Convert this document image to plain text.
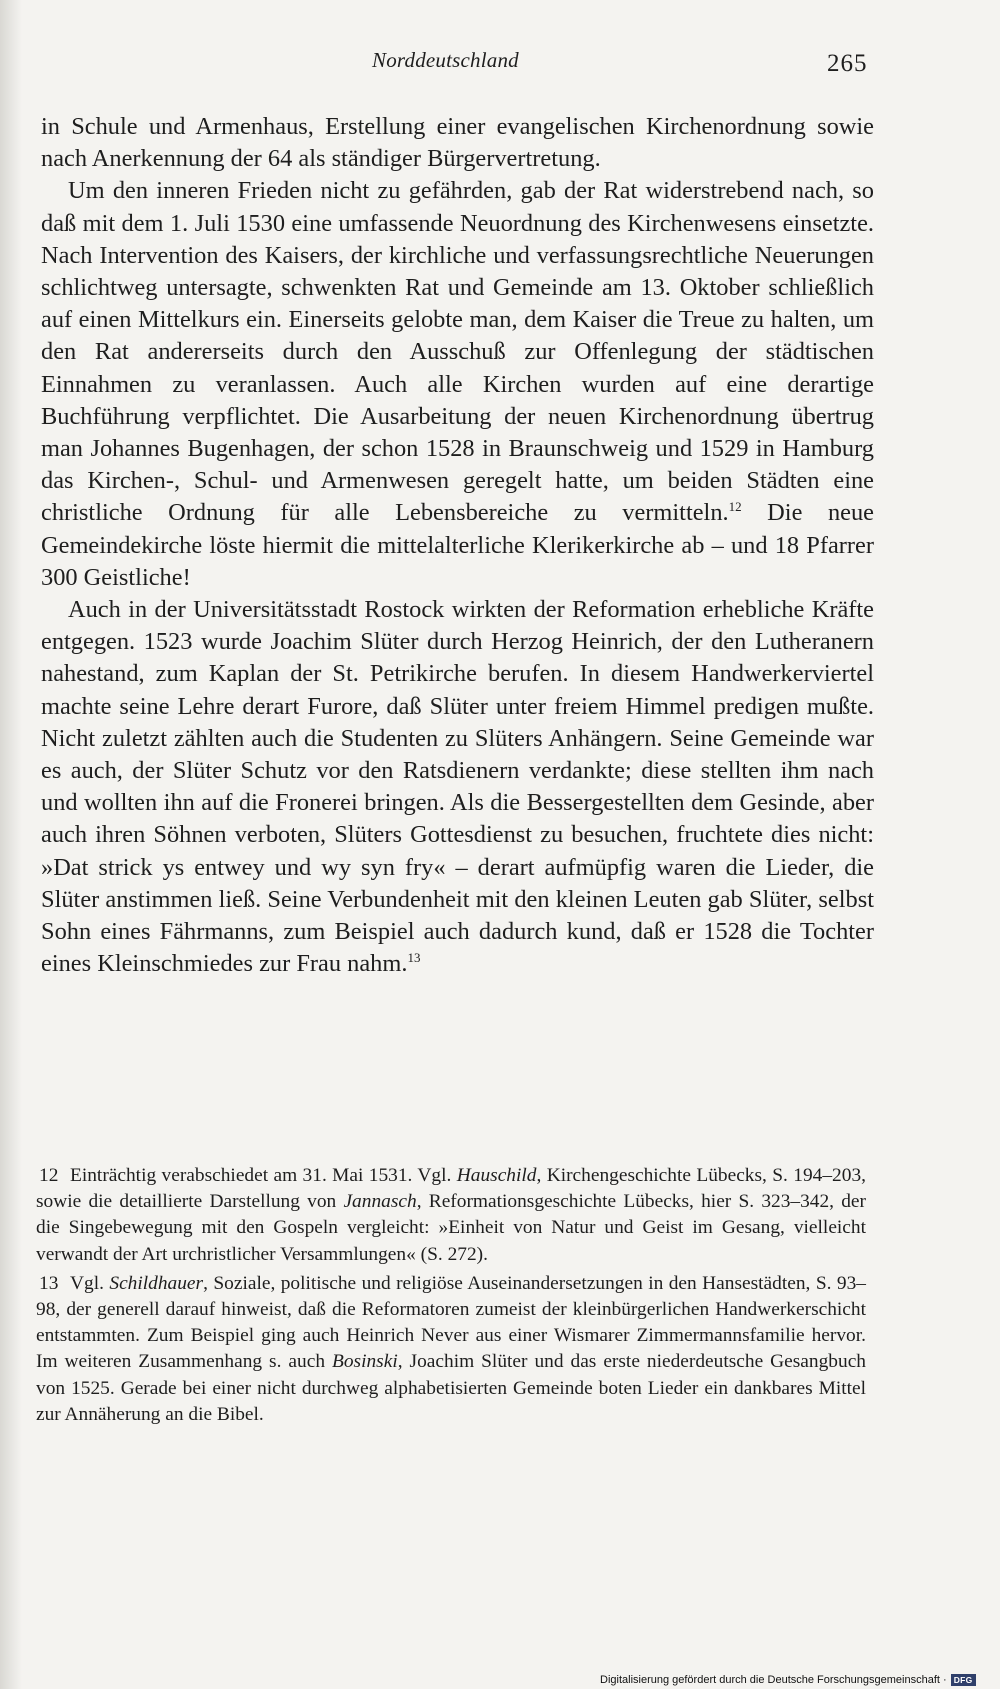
Norddeutschland	265

in Schule und Armenhaus, Erstellung einer evangelischen Kirchenordnung sowie nach Anerkennung der 64 als ständiger Bürgervertretung.

Um den inneren Frieden nicht zu gefährden, gab der Rat widerstrebend nach, so daß mit dem 1. Juli 1530 eine umfassende Neuordnung des Kirchenwesens einsetzte. Nach Intervention des Kaisers, der kirchliche und verfassungsrechtliche Neuerungen schlichtweg untersagte, schwenkten Rat und Gemeinde am 13. Oktober schließlich auf einen Mittelkurs ein. Einerseits gelobte man, dem Kaiser die Treue zu halten, um den Rat andererseits durch den Ausschuß zur Offenlegung der städtischen Einnahmen zu veranlassen. Auch alle Kirchen wurden auf eine derartige Buchführung verpflichtet. Die Ausarbeitung der neuen Kirchenordnung übertrug man Johannes Bugenhagen, der schon 1528 in Braunschweig und 1529 in Hamburg das Kirchen-, Schul- und Armenwesen geregelt hatte, um beiden Städten eine christliche Ordnung für alle Lebensbereiche zu vermitteln.$^{12}$ Die neue Gemeindekirche löste hiermit die mittelalterliche Klerikerkirche ab – und 18 Pfarrer 300 Geistliche!

Auch in der Universitätsstadt Rostock wirkten der Reformation erhebliche Kräfte entgegen. 1523 wurde Joachim Slüter durch Herzog Heinrich, der den Lutheranern nahestand, zum Kaplan der St. Petrikirche berufen. In diesem Handwerkerviertel machte seine Lehre derart Furore, daß Slüter unter freiem Himmel predigen mußte. Nicht zuletzt zählten auch die Studenten zu Slüters Anhängern. Seine Gemeinde war es auch, der Slüter Schutz vor den Ratsdienern verdankte; diese stellten ihm nach und wollten ihn auf die Fronerei bringen. Als die Bessergestellten dem Gesinde, aber auch ihren Söhnen verboten, Slüters Gottesdienst zu besuchen, fruchtete dies nicht: »Dat strick ys entwey und wy syn fry« – derart aufmüpfig waren die Lieder, die Slüter anstimmen ließ. Seine Verbundenheit mit den kleinen Leuten gab Slüter, selbst Sohn eines Fährmanns, zum Beispiel auch dadurch kund, daß er 1528 die Tochter eines Kleinschmiedes zur Frau nahm.$^{13}$

12 Einträchtig verabschiedet am 31. Mai 1531. Vgl. Hauschild, Kirchengeschichte Lübecks, S. 194–203, sowie die detaillierte Darstellung von Jannasch, Reformationsgeschichte Lübecks, hier S. 323–342, der die Singebewegung mit den Gospeln vergleicht: »Einheit von Natur und Geist im Gesang, vielleicht verwandt der Art urchristlicher Versammlungen« (S. 272).

13 Vgl. Schildhauer, Soziale, politische und religiöse Auseinandersetzungen in den Hansestädten, S. 93–98, der generell darauf hinweist, daß die Reformatoren zumeist der kleinbürgerlichen Handwerkerschicht entstammten. Zum Beispiel ging auch Heinrich Never aus einer Wismarer Zimmermannsfamilie hervor. Im weiteren Zusammenhang s. auch Bosinski, Joachim Slüter und das erste niederdeutsche Gesangbuch von 1525. Gerade bei einer nicht durchweg alphabetisierten Gemeinde boten Lieder ein dankbares Mittel zur Annäherung an die Bibel.

Digitalisierung gefördert durch die Deutsche Forschungsgemeinschaft · DFG
